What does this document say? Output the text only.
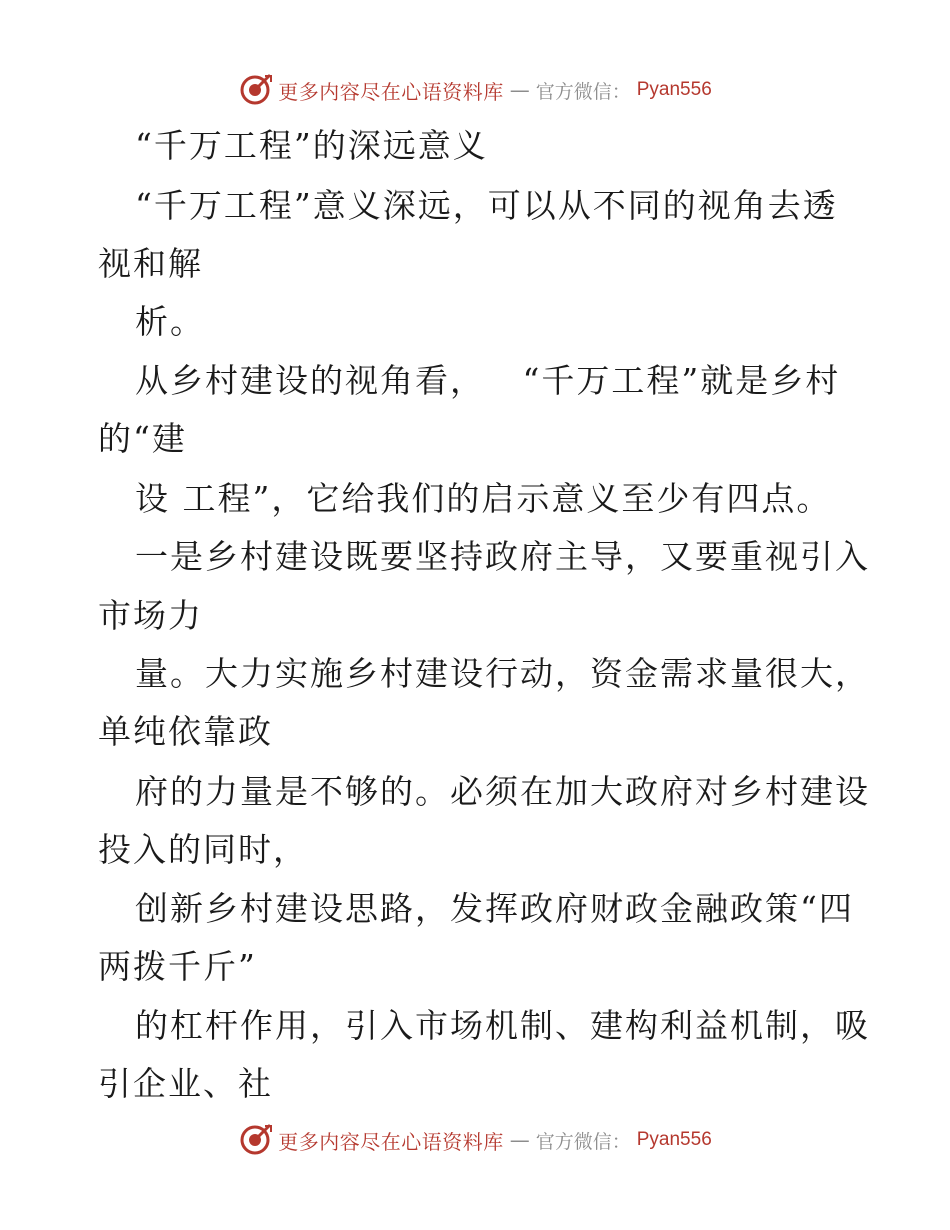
更多内容尽在心语资料库 — 官方微信： Pyan556
“千万工程”的深远意义
“千万工程”意义深远，可以从不同的视角去透
视和解
析。
从乡村建设的视角看，   “千万工程”就是乡村
的“建
设 工程”，它给我们的启示意义至少有四点。
一是乡村建设既要坚持政府主导，又要重视引入
市场力
量。大力实施乡村建设行动，资金需求量很大，
单纯依靠政
府的力量是不够的。必须在加大政府对乡村建设
投入的同时，
创新乡村建设思路，发挥政府财政金融政策“四
两拨千斤”
的杠杆作用，引入市场机制、建构利益机制，吸
引企业、社
更多内容尽在心语资料库 — 官方微信： Pyan556
